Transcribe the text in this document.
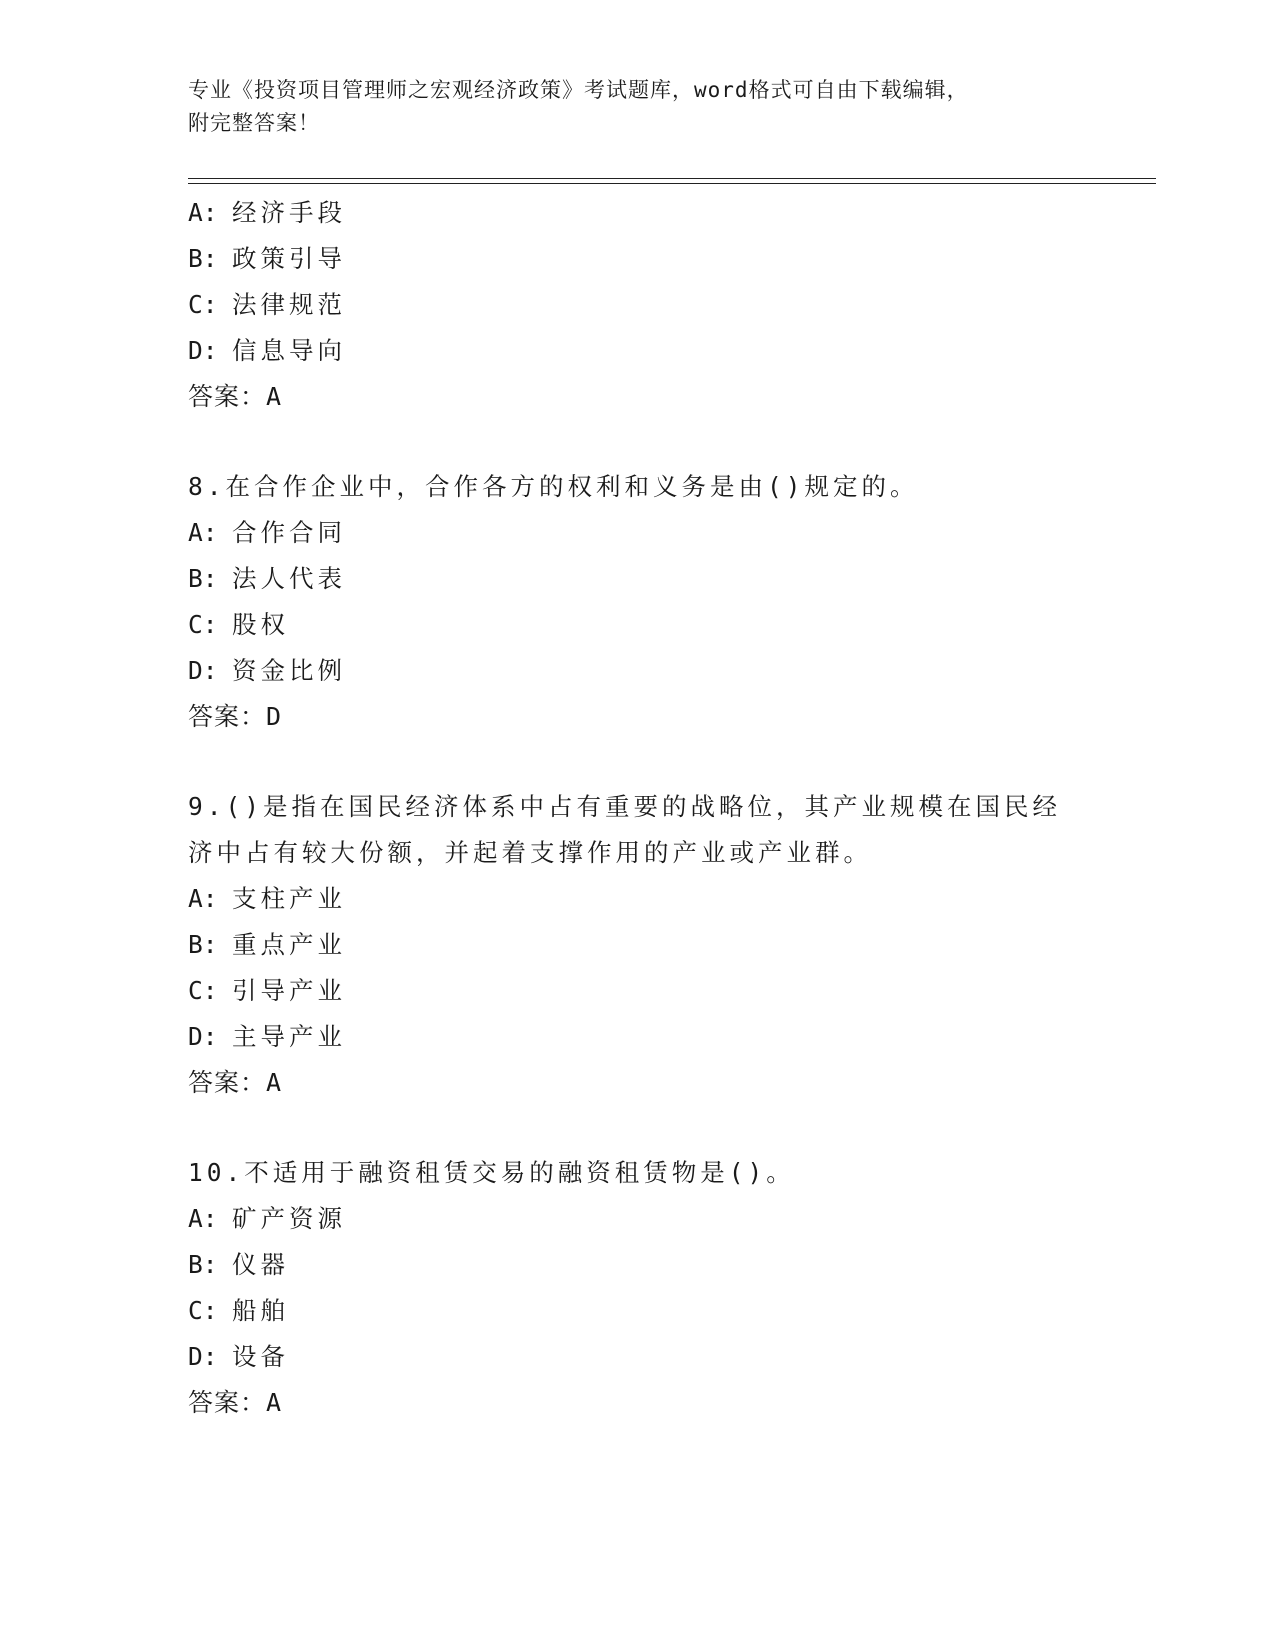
专业《投资项目管理师之宏观经济政策》考试题库，word格式可自由下载编辑，
附完整答案！
A: 经济手段
B: 政策引导
C: 法律规范
D: 信息导向
答案：A
8.在合作企业中，合作各方的权利和义务是由()规定的。
A: 合作合同
B: 法人代表
C: 股权
D: 资金比例
答案：D
9.()是指在国民经济体系中占有重要的战略位，其产业规模在国民经
济中占有较大份额，并起着支撑作用的产业或产业群。
A: 支柱产业
B: 重点产业
C: 引导产业
D: 主导产业
答案：A
10.不适用于融资租赁交易的融资租赁物是()。
A: 矿产资源
B: 仪器
C: 船舶
D: 设备
答案：A
